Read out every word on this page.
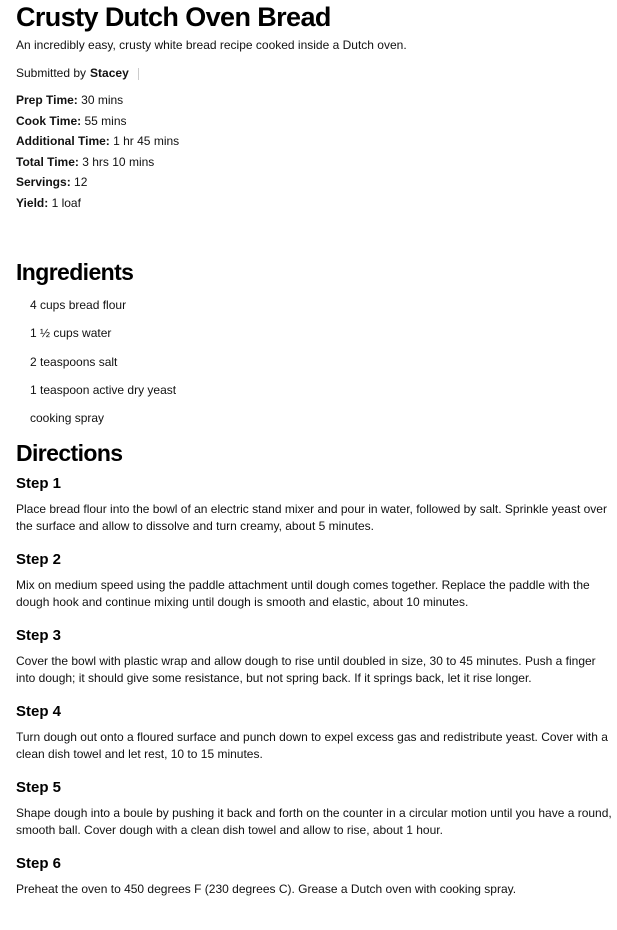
Crusty Dutch Oven Bread
An incredibly easy, crusty white bread recipe cooked inside a Dutch oven.
Submitted by Stacey
Prep Time: 30 mins
Cook Time: 55 mins
Additional Time: 1 hr 45 mins
Total Time: 3 hrs 10 mins
Servings: 12
Yield: 1 loaf
Ingredients
4 cups bread flour
1 ½ cups water
2 teaspoons salt
1 teaspoon active dry yeast
cooking spray
Directions
Step 1

Place bread flour into the bowl of an electric stand mixer and pour in water, followed by salt. Sprinkle yeast over the surface and allow to dissolve and turn creamy, about 5 minutes.

Step 2

Mix on medium speed using the paddle attachment until dough comes together. Replace the paddle with the dough hook and continue mixing until dough is smooth and elastic, about 10 minutes.

Step 3

Cover the bowl with plastic wrap and allow dough to rise until doubled in size, 30 to 45 minutes. Push a finger into dough; it should give some resistance, but not spring back. If it springs back, let it rise longer.

Step 4

Turn dough out onto a floured surface and punch down to expel excess gas and redistribute yeast. Cover with a clean dish towel and let rest, 10 to 15 minutes.

Step 5

Shape dough into a boule by pushing it back and forth on the counter in a circular motion until you have a round, smooth ball. Cover dough with a clean dish towel and allow to rise, about 1 hour.

Step 6

Preheat the oven to 450 degrees F (230 degrees C). Grease a Dutch oven with cooking spray.
